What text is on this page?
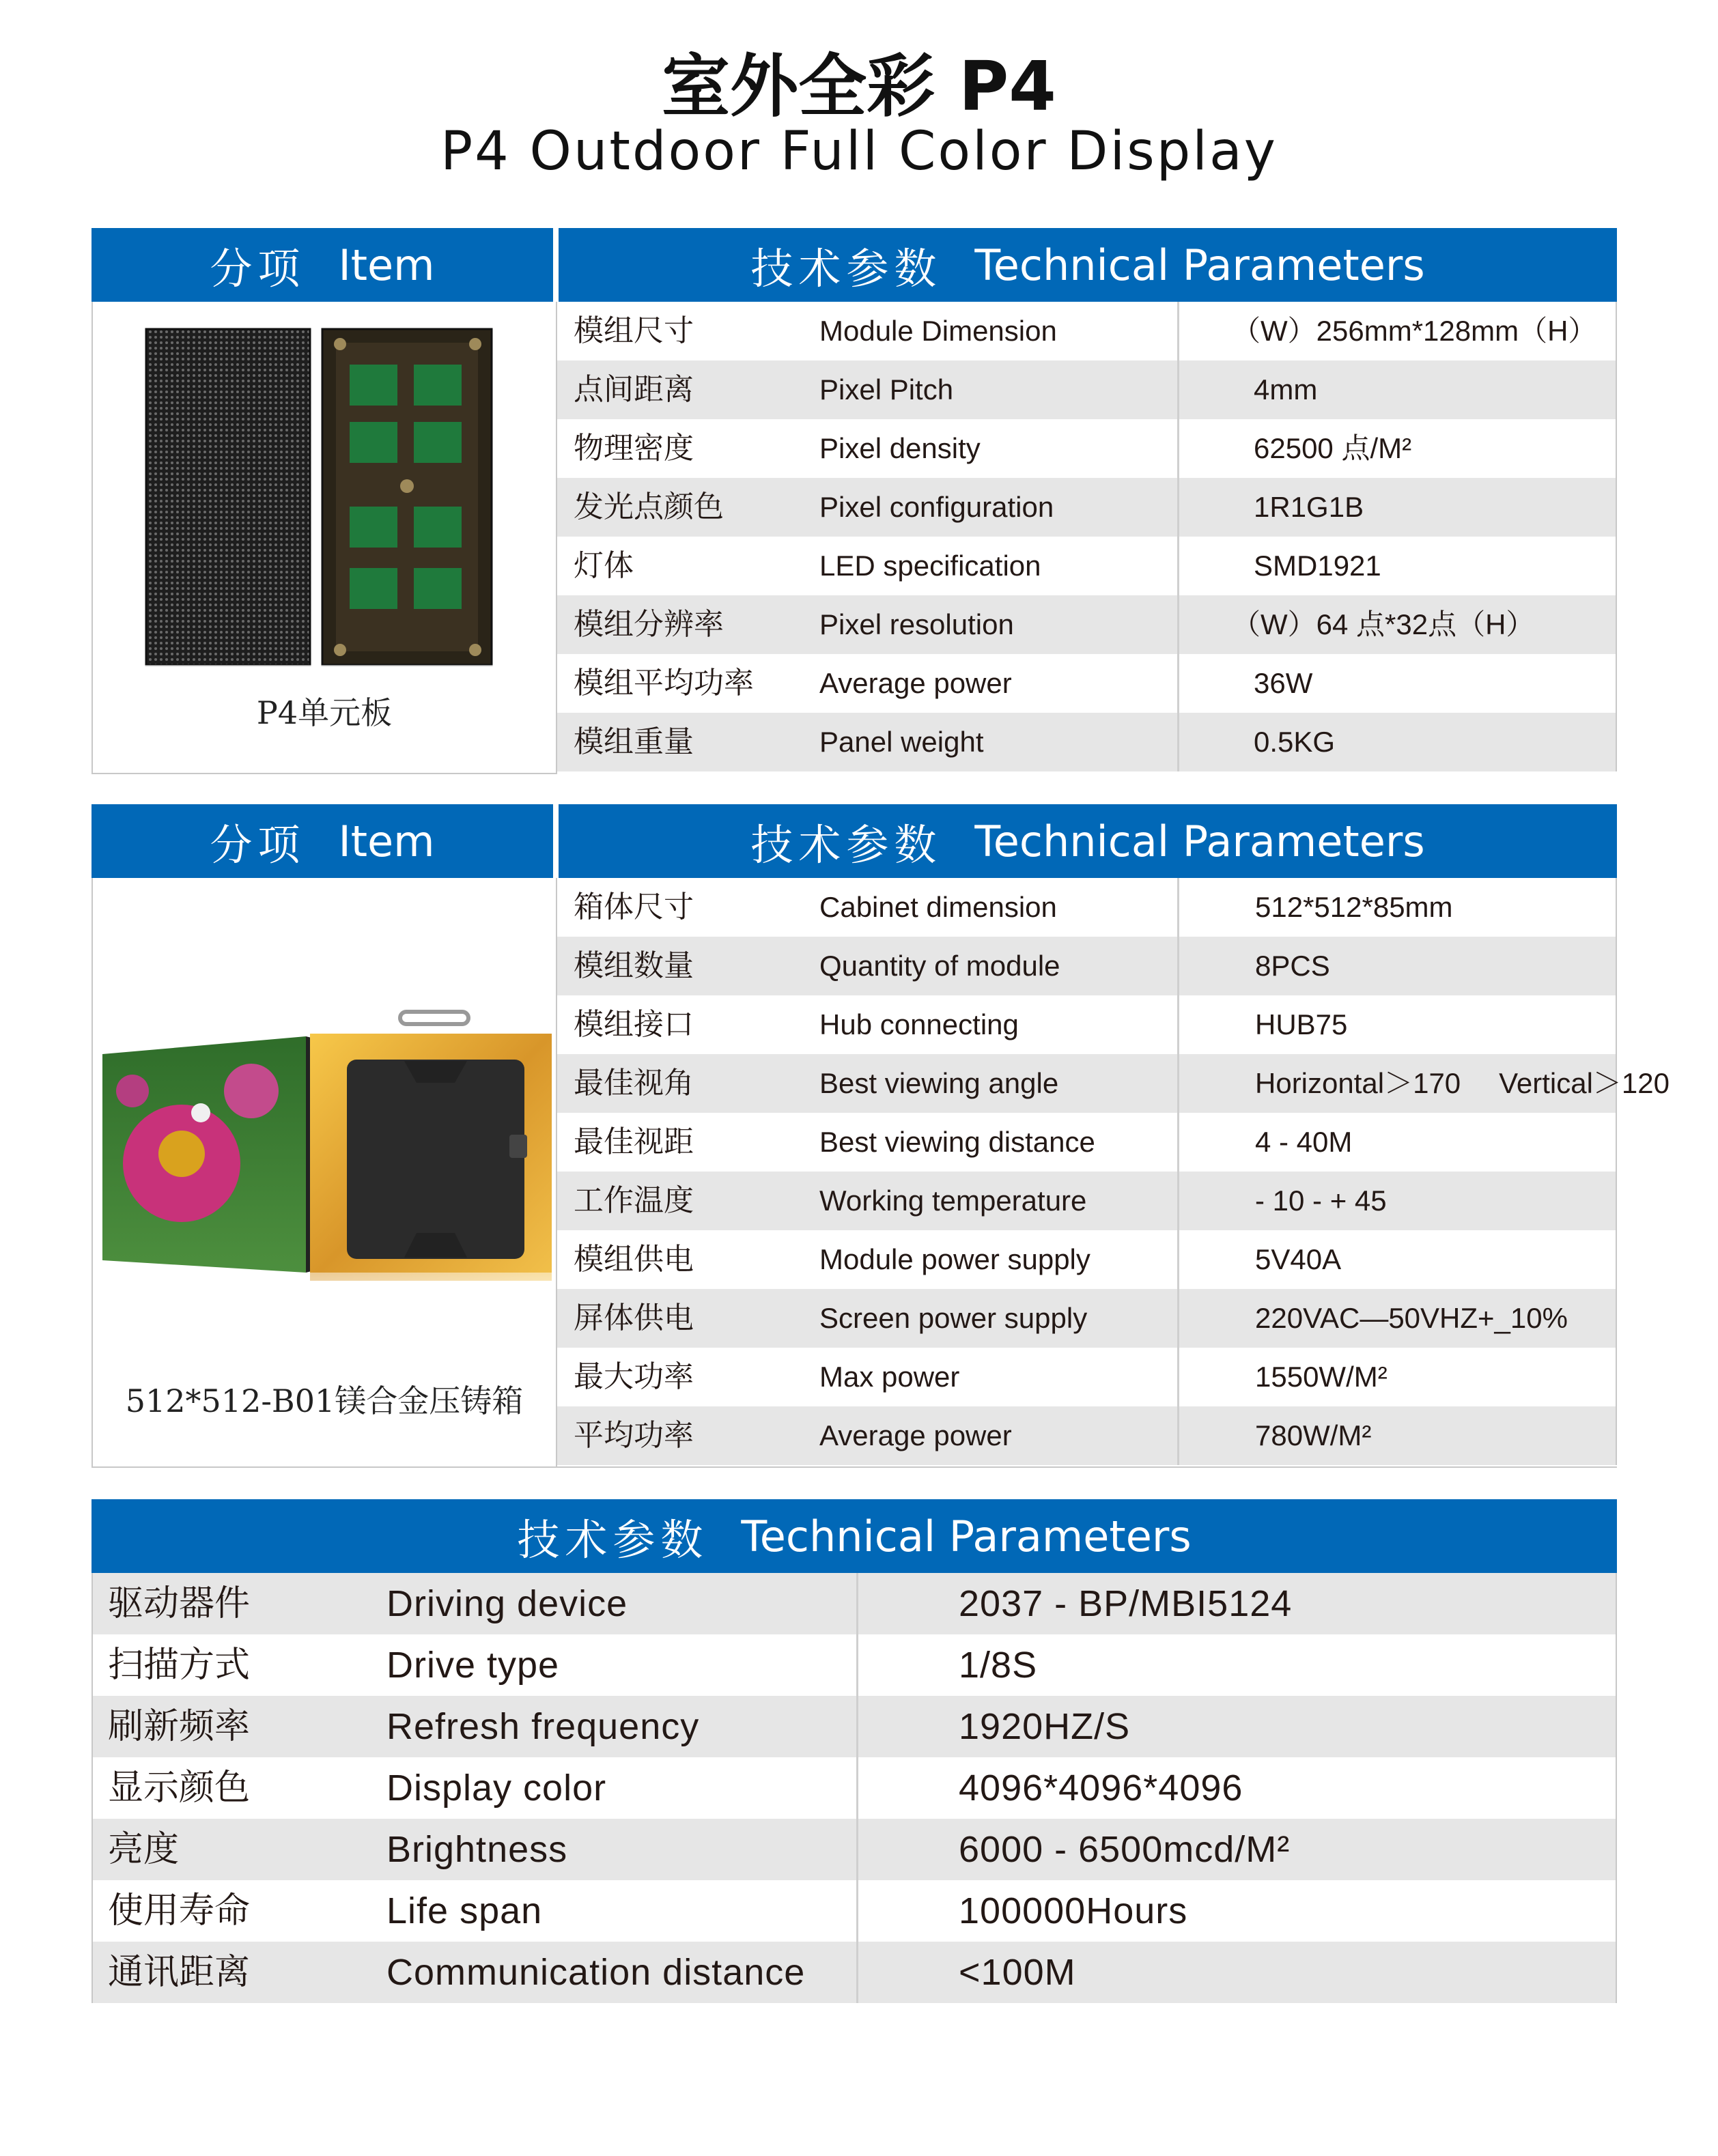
室外全彩 P4
P4 Outdoor Full Color Display
分项 Item	技术参数 Technical Parameters
P4单元板
模组尺寸	Module Dimension	（W）256mm*128mm（H）
点间距离	Pixel Pitch	4mm
物理密度	Pixel density	62500 点/M²
发光点颜色	Pixel configuration	1R1G1B
灯体	LED specification	SMD1921
模组分辨率	Pixel resolution	（W）64 点*32点（H）
模组平均功率 Average power	36W
模组重量	Panel weight	0.5KG
分项 Item	技术参数 Technical Parameters
512*512-B01镁合金压铸箱
箱体尺寸	Cabinet dimension	512*512*85mm
模组数量	Quantity of module	8PCS
模组接口	Hub connecting	HUB75
最佳视角	Best viewing angle	Horizontal＞170 Vertical＞120
最佳视距	Best viewing distance	4 - 40M
工作温度	Working temperature	- 10 - + 45
模组供电	Module power supply	5V40A
屏体供电	Screen power supply	220VAC—50VHZ+_10%
最大功率	Max power	1550W/M²
平均功率	Average power	780W/M²
技术参数 Technical Parameters
驱动器件	Driving device	2037 - BP/MBI5124
扫描方式	Drive type	1/8S
刷新频率	Refresh frequency	1920HZ/S
显示颜色	Display color	4096*4096*4096
亮度	Brightness	6000 - 6500mcd/M²
使用寿命	Life span	100000Hours
通讯距离	Communication distance	<100M
